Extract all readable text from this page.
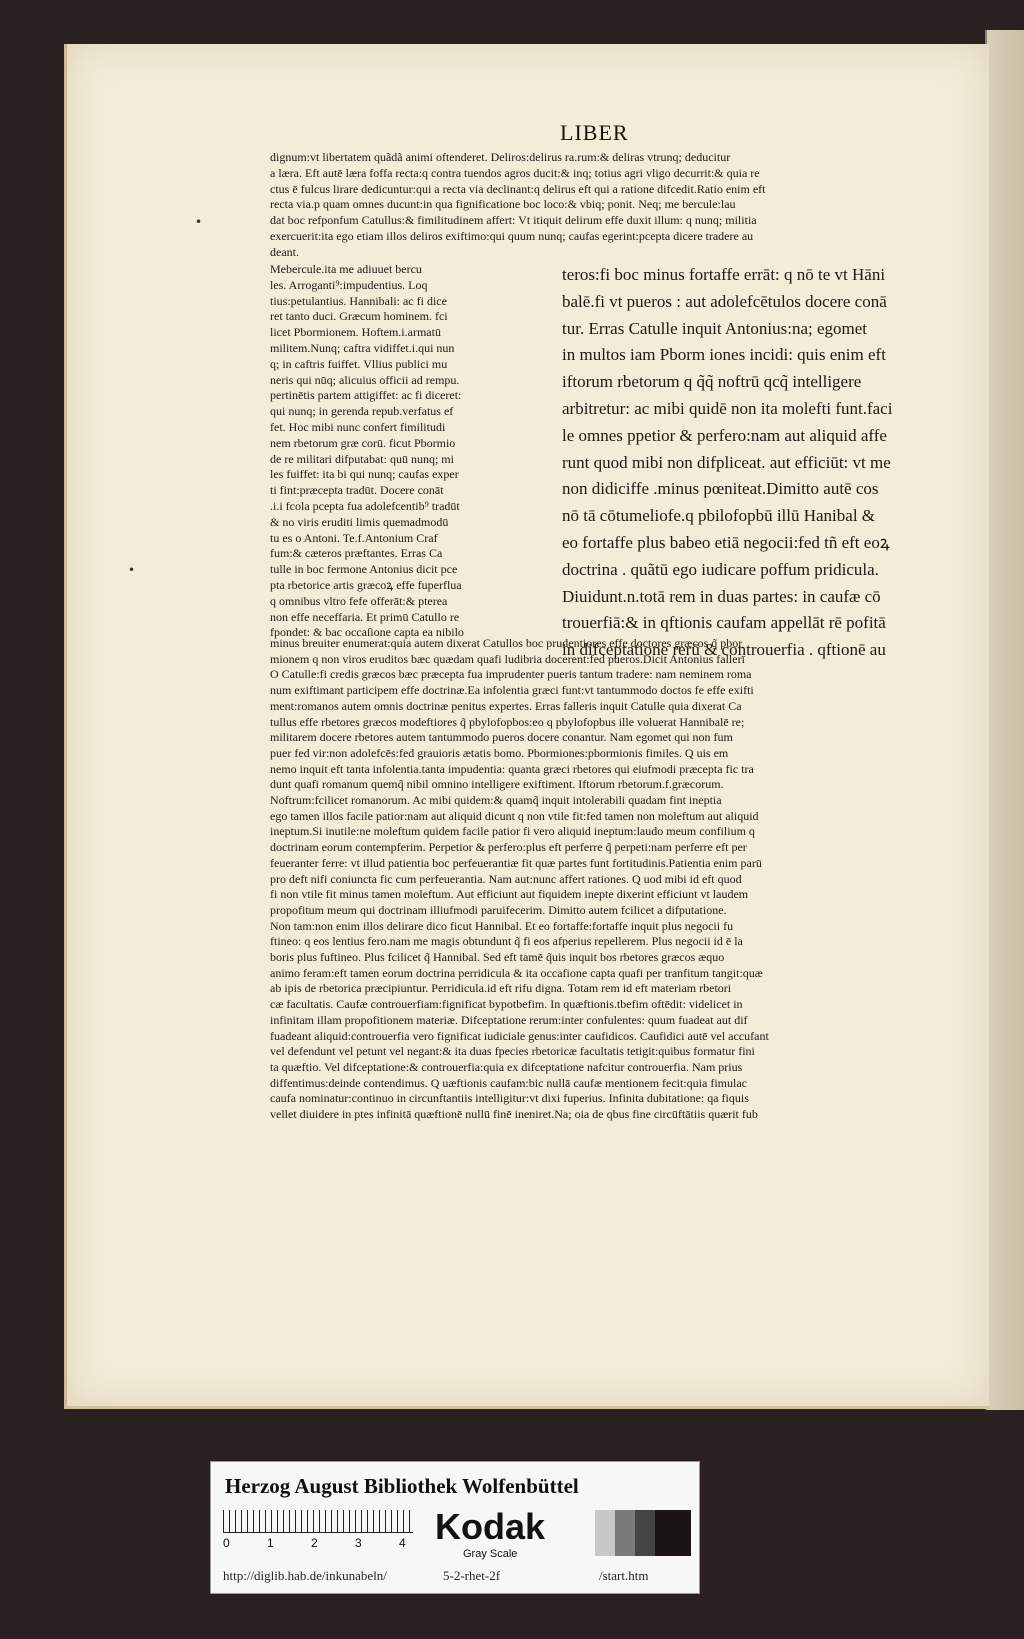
LIBER
dignum:vt libertatem quãdã animi oftenderet. Deliros:delirus ra.rum:& deliras vtrunq; deducitur
a læra. Eft autē læra foffa recta:q contra tuendos agros ducit:& inq; totius agri vligo decurrit:& quia re
ctus ē fulcus lirare dedicuntur:qui a recta via declinant:q delirus eft qui a ratione difcedit.Ratio enim eft
recta via.p quam omnes ducunt:in qua fignificatione boc loco:& vbiq; ponit. Neq; me bercule:lau
dat boc refponfum Catullus:& fimilitudinem affert: Vt itiquit delirum effe duxit illum: q nunq; militia
exercuerit:ita ego etiam illos deliros exiftimo:qui quum nunq; caufas egerint:pcepta dicere tradere au
deant.
Mebercule.ita me adiuuet bercu
les. Arroganti⁹:impudentius. Loq
tius:petulantius. Hannibali: ac fi dice
ret tanto duci. Græcum hominem. fci
licet Pbormionem. Hoftem.i.armatū
militem.Nunq; caftra vidiffet.i.qui nun
q; in caftris fuiffet. Vllius publici mu
neris qui nūq; alicuius officii ad rempu.
pertinētis partem attigiffet: ac fi diceret:
qui nunq; in gerenda repub.verfatus ef
fet. Hoc mibi nunc confert fimilitudi
nem rbetorum græ corū. ficut Pbormio
de re militari difputabat: quū nunq; mi
les fuiffet: ita bi qui nunq; caufas exper
ti fint:præcepta tradūt. Docere conāt
.i.i fcola pcepta fua adolefcentib⁹ tradūt
& no viris eruditi limis quemadmodū
tu es o Antoni. Te.f.Antonium Craf
fum:& cæteros præftantes. Erras Ca
tulle in boc fermone Antonius dicit pce
pta rbetorice artis græcoꝝ effe fuperflua
q omnibus vltro fefe offerāt:& pterea
non effe neceffaria. Et primū Catullo re
fpondet: & bac occaſione capta ea nibilo
teros:fi boc minus fortaffe errāt: q nō te vt Hāni
balē.fi vt pueros : aut adolefcētulos docere conā
tur. Erras Catulle inquit Antonius:na; egomet
in multos iam Pborm iones incidi: quis enim eft
iftorum rbetorum q q̃q̃ noftrū qcq̃ intelligere
arbitretur: ac mibi quidē non ita molefti funt.faci
le omnes ppetior & perfero:nam aut aliquid affe
runt quod mibi non difpliceat. aut efficiūt: vt me
non didiciffe .minus pœniteat.Dimitto autē cos
nō tā cōtumeliofe.q pbilofopbū illū Hanibal &
eo fortaffe plus babeo etiā negocii:fed tñ eft eoꝝ
doctrina . quãtū ego iudicare poffum pridicula.
Diuidunt.n.totā rem in duas partes: in caufæ cō
trouerfiā:& in qftionis caufam appellāt rē pofitā
in difceptatione rerū & controuerfia . qftionē au
minus breuiter enumerat:quia autem dixerat Catullos boc prudentiores effe doctores græcos q̃ pbor
mionem q non viros eruditos bæc quædam quafi ludibria docerent:fed pueros.Dicit Antonius fallerī
O Catulle:fi credis græcos bæc præcepta fua imprudenter pueris tantum tradere: nam neminem roma
num exiftimant participem effe doctrinæ.Ea infolentia græci funt:vt tantummodo doctos fe effe exifti
ment:romanos autem omnis doctrinæ penitus expertes. Erras falleris inquit Catulle quia dixerat Ca
tullus effe rbetores græcos modeftiores q̃ pbylofopbos:eo q pbylofopbus ille voluerat Hannibalē re;
militarem docere rbetores autem tantummodo pueros docere conantur. Nam egomet qui non fum
puer fed vir:non adolefcēs:fed grauioris ætatis bomo. Pbormiones:pbormionis fimiles. Q uis em
nemo inquit eft tanta infolentia.tanta impudentia: quanta græci rbetores qui eiufmodi præcepta fic tra
dunt quafi romanum quemq̃ nibil omnino intelligere exiftiment. Iftorum rbetorum.f.græcorum.
Noftrum:fcilicet romanorum. Ac mibi quidem:& quamq̃ inquit intolerabili quadam fint ineptia
ego tamen illos facile patior:nam aut aliquid dicunt q non vtile fit:fed tamen non moleftum aut aliquid
ineptum.Si inutile:ne moleftum quidem facile patior fi vero aliquid ineptum:laudo meum confilium q
doctrinam eorum contempferim. Perpetior & perfero:plus eft perferre q̃ perpeti:nam perferre eft per
feueranter ferre: vt illud patientia boc perfeuerantiæ fit quæ partes funt fortitudinis.Patientia enim parū
pro deft nifi coniuncta fic cum perfeuerantia. Nam aut:nunc affert rationes. Q uod mibi id eft quod
fi non vtile fit minus tamen moleftum. Aut efficiunt aut fiquidem inepte dixerint efficiunt vt laudem
propofitum meum qui doctrinam illiufmodi paruifecerim. Dimitto autem fcilicet a difputatione.
Non tam:non enim illos delirare dico ficut Hannibal. Et eo fortaffe:fortaffe inquit plus negocii fu
ftineo: q eos lentius fero.nam me magis obtundunt q̃ fi eos afperius repellerem. Plus negocii id ē la
boris plus fuftineo. Plus fcilicet q̃ Hannibal. Sed eft tamē q̃uis inquit bos rbetores græcos æquo
animo feram:eft tamen eorum doctrina perridicula & ita occafione capta quafi per tranfitum tangit:quæ
ab ipis de rbetorica præcipiuntur. Perridicula.id eft rifu digna. Totam rem id eft materiam rbetori
cæ facultatis. Caufæ controuerfiam:fignificat bypotbefim. In quæftionis.tbefim oftēdit: videlicet in
infinitam illam propofitionem materiæ. Difceptatione rerum:inter confulentes: quum fuadeat aut dif
fuadeant aliquid:controuerfia vero fignificat iudiciale genus:inter caufidicos. Caufidici autē vel accufant
vel defendunt vel petunt vel negant:& ita duas fpecies rbetoricæ facultatis tetigit:quibus formatur fini
ta quæftio. Vel difceptatione:& controuerfia:quia ex difceptatione nafcitur controuerfia. Nam prius
diffentimus:deinde contendimus. Q uæftionis caufam:bic nullā caufæ mentionem fecit:quia fimulac
caufa nominatur:continuo in circunftantiis intelligitur:vt dixi fuperius. Infinita dubitatione: qa fiquis
vellet diuidere in ptes infinitā quæftionē nullū finē ineniret.Na; oia de qbus fine circūftātiis quærit fub
•
•
Herzog August Bibliothek Wolfenbüttel
0	1	2	3	4 Kodak
Gray Scale
http://diglib.hab.de/inkunabeln/	5-2-rhet-2f	/start.htm
